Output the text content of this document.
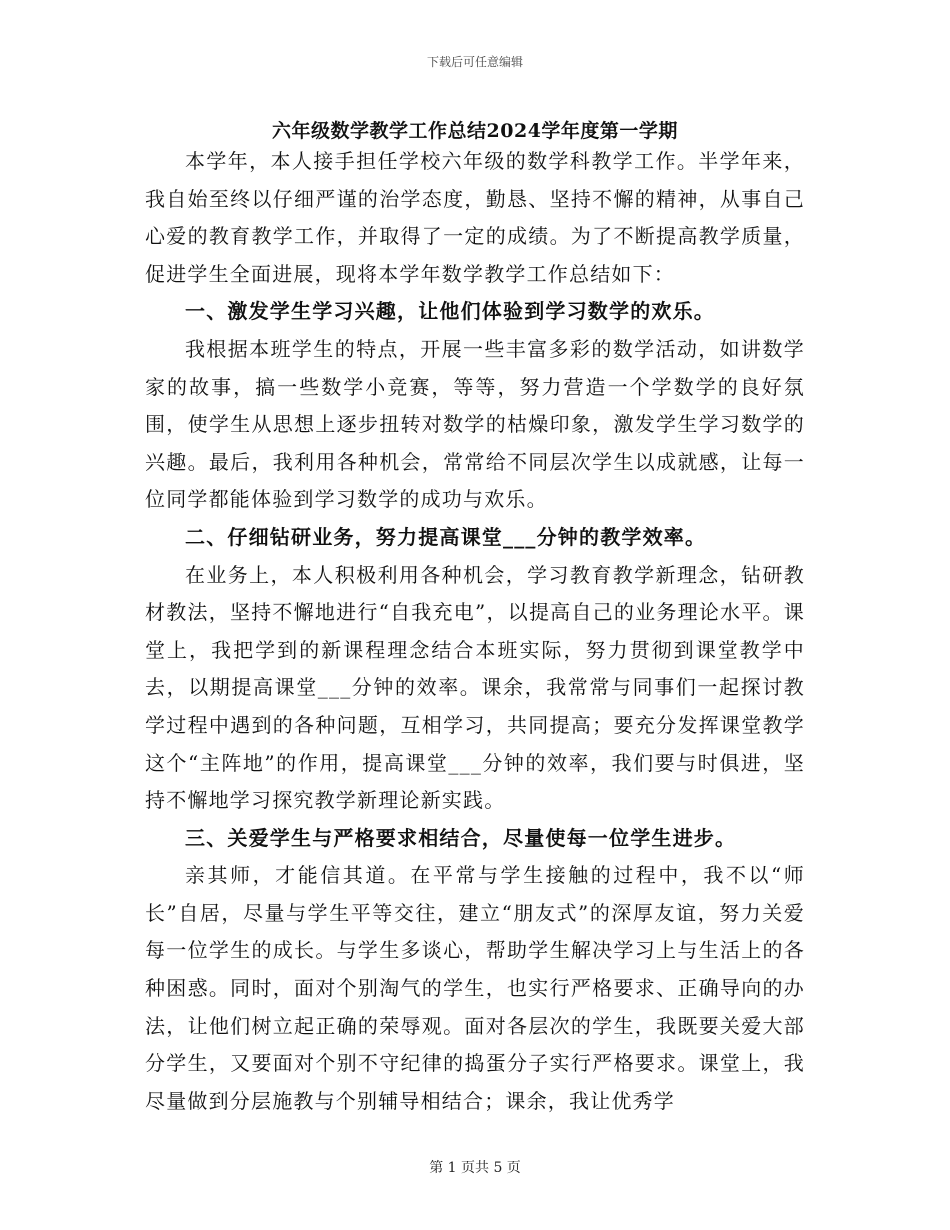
下载后可任意编辑
六年级数学教学工作总结2024学年度第一学期

本学年，本人接手担任学校六年级的数学科教学工作。半学年来，我自始至终以仔细严谨的治学态度，勤恳、坚持不懈的精神，从事自己心爱的教育教学工作，并取得了一定的成绩。为了不断提高教学质量，促进学生全面进展，现将本学年数学教学工作总结如下：

一、激发学生学习兴趣，让他们体验到学习数学的欢乐。

我根据本班学生的特点，开展一些丰富多彩的数学活动，如讲数学家的故事，搞一些数学小竞赛，等等，努力营造一个学数学的良好氛围，使学生从思想上逐步扭转对数学的枯燥印象，激发学生学习数学的兴趣。最后，我利用各种机会，常常给不同层次学生以成就感，让每一位同学都能体验到学习数学的成功与欢乐。

二、仔细钻研业务，努力提高课堂___分钟的教学效率。

在业务上，本人积极利用各种机会，学习教育教学新理念，钻研教材教法，坚持不懈地进行“自我充电”，以提高自己的业务理论水平。课堂上，我把学到的新课程理念结合本班实际，努力贯彻到课堂教学中去，以期提高课堂___分钟的效率。课余，我常常与同事们一起探讨教学过程中遇到的各种问题，互相学习，共同提高；要充分发挥课堂教学这个“主阵地”的作用，提高课堂___分钟的效率，我们要与时俱进，坚持不懈地学习探究教学新理论新实践。

三、关爱学生与严格要求相结合，尽量使每一位学生进步。

亲其师，才能信其道。在平常与学生接触的过程中，我不以“师长”自居，尽量与学生平等交往，建立“朋友式”的深厚友谊，努力关爱每一位学生的成长。与学生多谈心，帮助学生解决学习上与生活上的各种困惑。同时，面对个别淘气的学生，也实行严格要求、正确导向的办法，让他们树立起正确的荣辱观。面对各层次的学生，我既要关爱大部分学生，又要面对个别不守纪律的捣蛋分子实行严格要求。课堂上，我尽量做到分层施教与个别辅导相结合；课余，我让优秀学

第 1 页共 5 页
